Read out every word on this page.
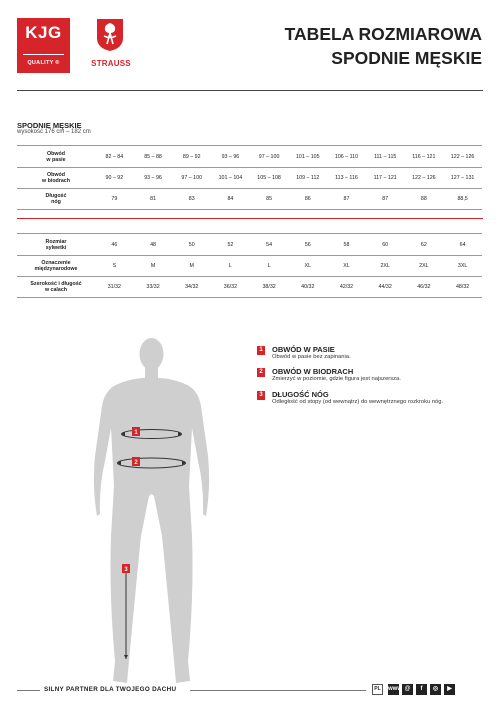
KJG
QUALITY ®	STRAUSS
TABELA ROZMIAROWA
SPODNIE MĘSKIE
SPODNIE MĘSKIE
wysokość 176 cm – 182 cm
Obwód
w pasie	82 – 84	85 – 88	89 – 92	93 – 96	97 – 100	101 – 105	106 – 110	111 – 115	116 – 121	122 – 126

Obwód
w biodrach	90 – 92	93 – 96	97 – 100	101 – 104	105 – 108	109 – 112	113 – 116	117 – 121	122 – 126	127 – 131

Długość
nóg	79	81	83	84	85	86	87	87	88	88,5
Rozmiar
sylwetki	46	48	50	52	54	56	58	60	62	64

Oznaczenie
międzynarodowe	S	M	M	L	L	XL	XL	2XL	2XL	3XL

Szerokość i długość
w calach	31/32	33/32	34/32	36/32	38/32	40/32	42/32	44/32	46/32	48/32
1
2
3
1	OBWÓD W PASIE
Obwód w pasie bez zapinania.
2	OBWÓD W BIODRACH
Zmierzyć w poziomie, gdzie figura jest najszersza.
3	DŁUGOŚĆ NÓG
Odległość od stopy (od wewnątrz) do wewnętrznego rozkroku nóg.
SILNY PARTNER DLA TWOJEGO DACHU	PL	www @	f	◎	▶
